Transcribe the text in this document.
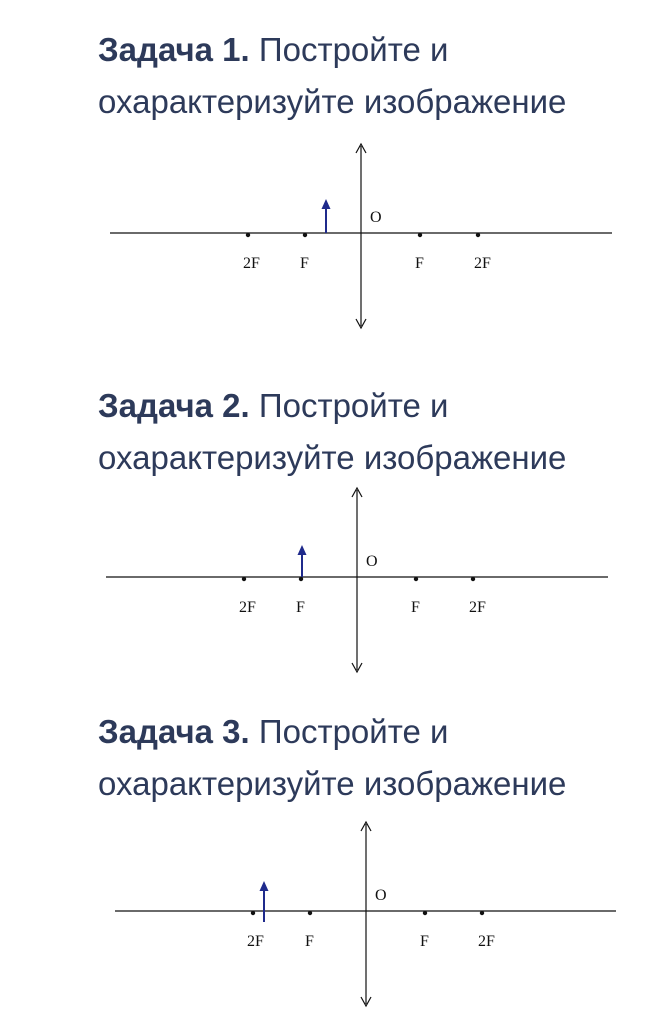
Задача 1. Постройте и
охарактеризуйте изображение
O
2F	F	F	2F
Задача 2. Постройте и
охарактеризуйте изображение
O
2F	F	F	2F
Задача 3. Постройте и
охарактеризуйте изображение
O
2F	F	F	2F
